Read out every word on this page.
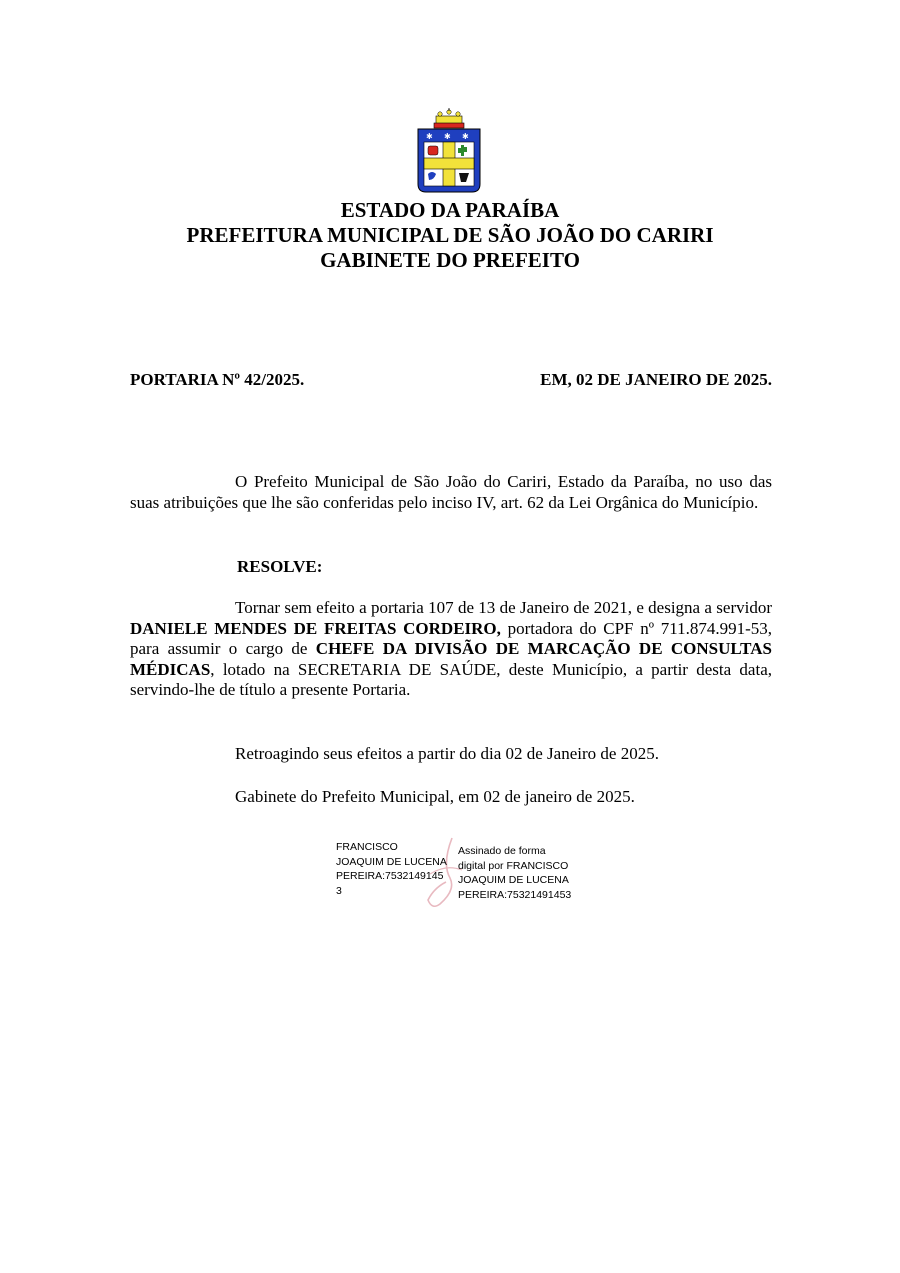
✱ ✱ ✱
ESTADO DA PARAÍBA
PREFEITURA MUNICIPAL DE SÃO JOÃO DO CARIRI
GABINETE DO PREFEITO
PORTARIA Nº 42/2025.	EM, 02 DE JANEIRO DE 2025.
O Prefeito Municipal de São João do Cariri, Estado da Paraíba, no uso das suas atribuições que lhe são conferidas pelo inciso IV, art. 62 da Lei Orgânica do Município.
RESOLVE:
Tornar sem efeito a portaria 107 de 13 de Janeiro de 2021, e designa a servidor DANIELE MENDES DE FREITAS CORDEIRO, portadora do CPF nº 711.874.991-53, para assumir o cargo de CHEFE DA DIVISÃO DE MARCAÇÃO DE CONSULTAS MÉDICAS, lotado na SECRETARIA DE SAÚDE, deste Município, a partir desta data, servindo-lhe de título a presente Portaria.
Retroagindo seus efeitos a partir do dia 02 de Janeiro de 2025.
Gabinete do Prefeito Municipal, em 02 de janeiro de 2025.
FRANCISCO
JOAQUIM DE LUCENA
PEREIRA:7532149145
3
Assinado de forma
digital por FRANCISCO
JOAQUIM DE LUCENA
PEREIRA:75321491453
